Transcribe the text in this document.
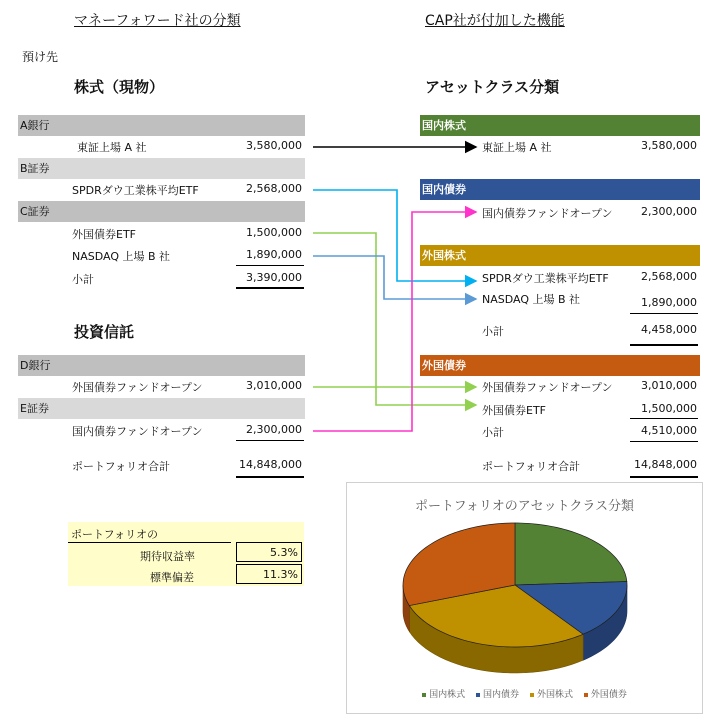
マネーフォワード社の分類	CAP社が付加した機能
預け先
株式（現物）
A銀行
東証上場 A 社	3,580,000
B証券
SPDRダウ工業株平均ETF	2,568,000
C証券
外国債券ETF	1,500,000
NASDAQ 上場 B 社	1,890,000
小計	3,390,000
投資信託
D銀行
外国債券ファンドオープン	3,010,000
E証券
国内債券ファンドオープン	2,300,000
ポートフォリオ合計	14,848,000
ポートフォリオの
期待収益率	5.3%
標準偏差	11.3%
アセットクラス分類
国内株式
東証上場 A 社	3,580,000
国内債券
国内債券ファンドオープン	2,300,000
外国株式
SPDRダウ工業株平均ETF	2,568,000
NASDAQ 上場 B 社	1,890,000
小計	4,458,000
外国債券
外国債券ファンドオープン	3,010,000
外国債券ETF	1,500,000
小計	4,510,000
ポートフォリオ合計	14,848,000
ポートフォリオのアセットクラス分類
国内株式 国内債券 外国株式 外国債券
